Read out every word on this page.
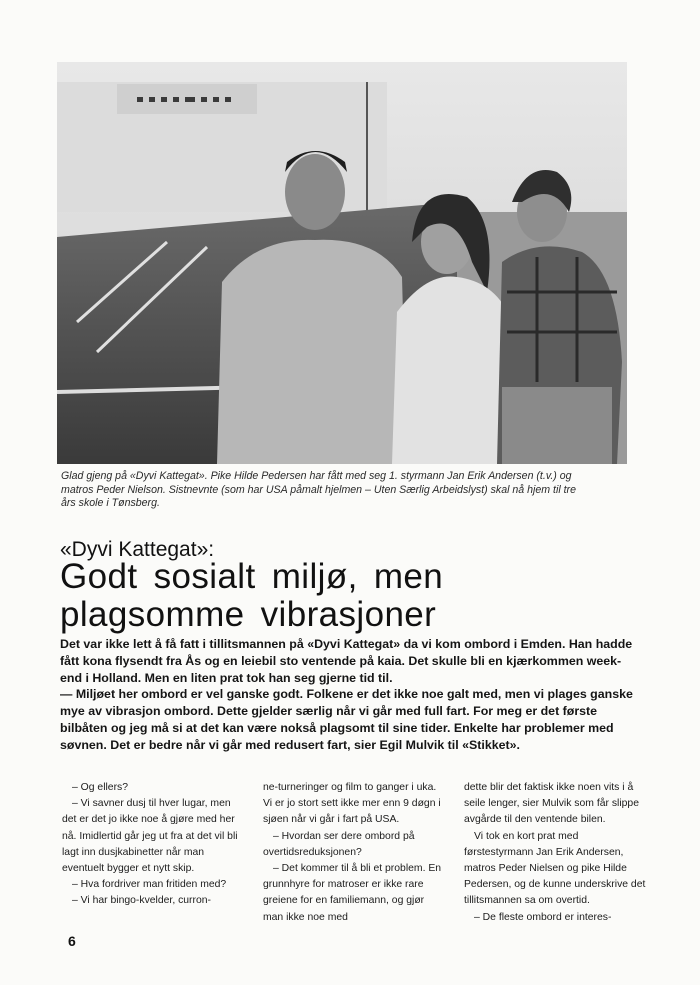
Glad gjeng på «Dyvi Kattegat». Pike Hilde Pedersen har fått med seg 1. styrmann Jan Erik Andersen (t.v.) og
matros Peder Nielson. Sistnevnte (som har USA påmalt hjelmen – Uten Særlig Arbeidslyst) skal nå hjem til tre
års skole i Tønsberg.
«Dyvi Kattegat»:
Godt sosialt miljø, men
plagsomme vibrasjoner

Det var ikke lett å få fatt i tillitsmannen på «Dyvi Kattegat» da vi kom ombord i Emden. Han hadde fått kona flysendt fra Ås og en leiebil sto ventende på kaia. Det skulle bli en kjærkommen week-end i Holland. Men en liten prat tok han seg gjerne tid til.

— Miljøet her ombord er vel ganske godt. Folkene er det ikke noe galt med, men vi plages ganske mye av vibrasjon ombord. Dette gjelder særlig når vi går med full fart. For meg er det første bilbåten og jeg må si at det kan være nokså plagsomt til sine tider. Enkelte har problemer med søvnen. Det er bedre når vi går med redusert fart, sier Egil Mulvik til «Stikket».

– Og ellers?

– Vi savner dusj til hver lugar, men det er det jo ikke noe å gjøre med her nå. Imidlertid går jeg ut fra at det vil bli lagt inn dusjkabinetter når man eventuelt bygger et nytt skip.

– Hva fordriver man fritiden med?

– Vi har bingo-kvelder, curron-

ne-turneringer og film to ganger i uka. Vi er jo stort sett ikke mer enn 9 døgn i sjøen når vi går i fart på USA.

– Hvordan ser dere ombord på overtidsreduksjonen?

– Det kommer til å bli et problem. En grunnhyre for matroser er ikke rare greiene for en familiemann, og gjør man ikke noe med

dette blir det faktisk ikke noen vits i å seile lenger, sier Mulvik som får slippe avgårde til den ventende bilen.

Vi tok en kort prat med førstestyrmann Jan Erik Andersen, matros Peder Nielsen og pike Hilde Pedersen, og de kunne underskrive det tillitsmannen sa om overtid.

– De fleste ombord er interes-

6
